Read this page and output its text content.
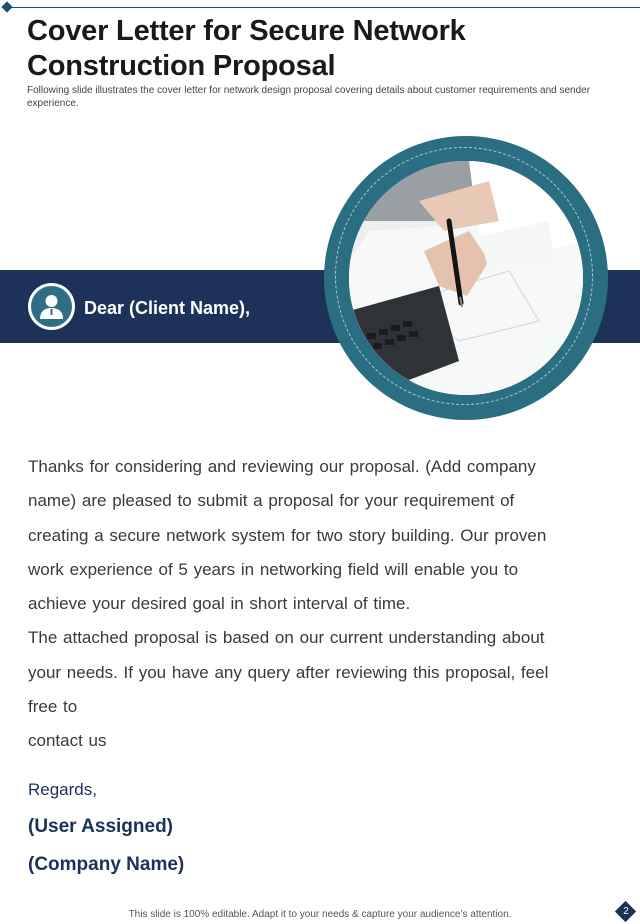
Cover Letter for Secure Network Construction Proposal

Following slide illustrates the cover letter for network design proposal covering details about customer requirements and sender experience.

Dear (Client Name),

Thanks for considering and reviewing our proposal. (Add company
name) are pleased to submit a proposal for your requirement of
creating a secure network system for two story building. Our proven
work experience of 5 years in networking field will enable you to
achieve your desired goal in short interval of time.
The attached proposal is based on our current understanding about
your needs. If you have any query after reviewing this proposal, feel
free to
contact us

Regards,

(User Assigned)

(Company Name)

This slide is 100% editable. Adapt it to your needs & capture your audience’s attention.	2
